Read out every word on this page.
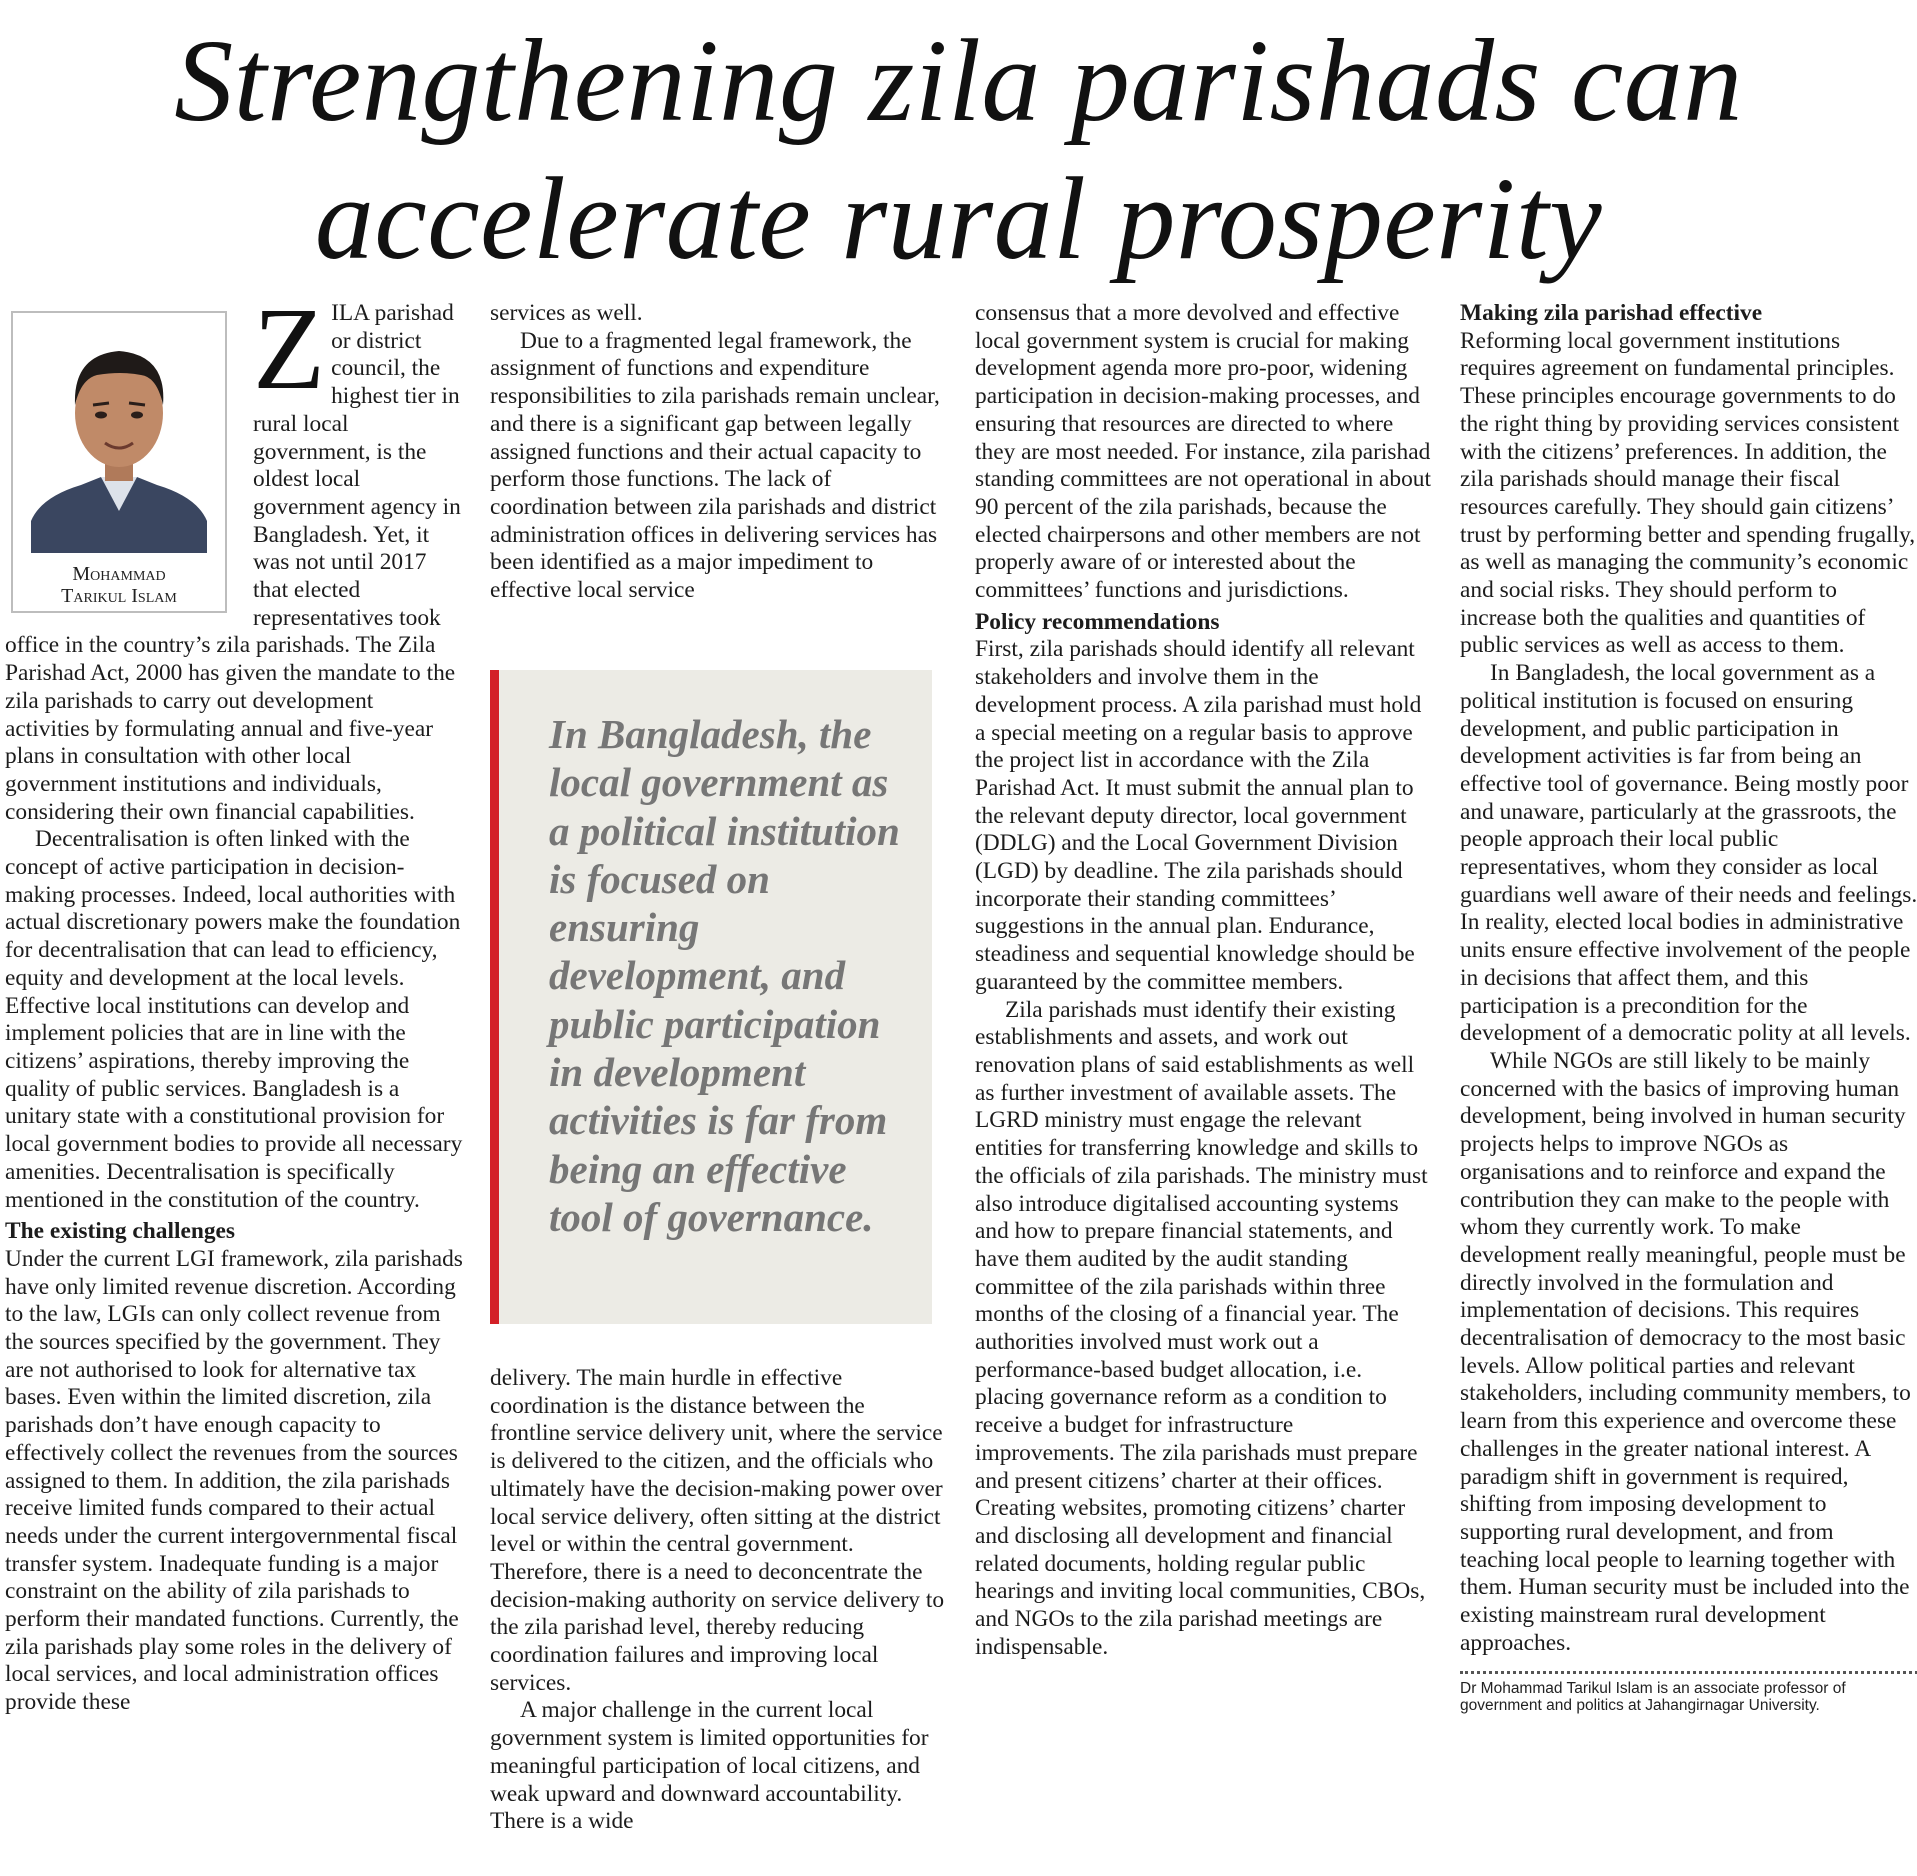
Strengthening zila parishads can
accelerate rural prosperity
Mohammad
Tarikul Islam

ZILA parishad or district council, the highest tier in rural local government, is the oldest local government agency in Bangladesh. Yet, it was not until 2017 that elected representatives took office in the country’s zila parishads. The Zila Parishad Act, 2000 has given the mandate to the zila parishads to carry out development activities by formulating annual and five-year plans in consultation with other local government institutions and individuals, considering their own financial capabilities.

Decentralisation is often linked with the concept of active participation in decision-making processes. Indeed, local authorities with actual discretionary powers make the foundation for decentralisation that can lead to efficiency, equity and development at the local levels. Effective local institutions can develop and implement policies that are in line with the citizens’ aspirations, thereby improving the quality of public services. Bangladesh is a unitary state with a constitutional provision for local government bodies to provide all necessary amenities. Decentralisation is specifically mentioned in the constitution of the country.

The existing challenges

Under the current LGI framework, zila parishads have only limited revenue discretion. According to the law, LGIs can only collect revenue from the sources specified by the government. They are not authorised to look for alternative tax bases. Even within the limited discretion, zila parishads don’t have enough capacity to effectively collect the revenues from the sources assigned to them. In addition, the zila parishads receive limited funds compared to their actual needs under the current intergovernmental fiscal transfer system. Inadequate funding is a major constraint on the ability of zila parishads to perform their mandated functions. Currently, the zila parishads play some roles in the delivery of local services, and local administration offices provide these

services as well.

Due to a fragmented legal framework, the assignment of functions and expenditure responsibilities to zila parishads remain unclear, and there is a significant gap between legally assigned functions and their actual capacity to perform those functions. The lack of coordination between zila parishads and district administration offices in delivering services has been identified as a major impediment to effective local service

In Bangladesh, the local government as a political institution is focused on ensuring development, and public participation in development activities is far from being an effective tool of governance.

delivery. The main hurdle in effective coordination is the distance between the frontline service delivery unit, where the service is delivered to the citizen, and the officials who ultimately have the decision-making power over local service delivery, often sitting at the district level or within the central government. Therefore, there is a need to deconcentrate the decision-making authority on service delivery to the zila parishad level, thereby reducing coordination failures and improving local services.

A major challenge in the current local government system is limited opportunities for meaningful participation of local citizens, and weak upward and downward accountability. There is a wide

consensus that a more devolved and effective local government system is crucial for making development agenda more pro-poor, widening participation in decision-making processes, and ensuring that resources are directed to where they are most needed. For instance, zila parishad standing committees are not operational in about 90 percent of the zila parishads, because the elected chairpersons and other members are not properly aware of or interested about the committees’ functions and jurisdictions.

Policy recommendations

First, zila parishads should identify all relevant stakeholders and involve them in the development process. A zila parishad must hold a special meeting on a regular basis to approve the project list in accordance with the Zila Parishad Act. It must submit the annual plan to the relevant deputy director, local government (DDLG) and the Local Government Division (LGD) by deadline. The zila parishads should incorporate their standing committees’ suggestions in the annual plan. Endurance, steadiness and sequential knowledge should be guaranteed by the committee members.

Zila parishads must identify their existing establishments and assets, and work out renovation plans of said establishments as well as further investment of available assets. The LGRD ministry must engage the relevant entities for transferring knowledge and skills to the officials of zila parishads. The ministry must also introduce digitalised accounting systems and how to prepare financial statements, and have them audited by the audit standing committee of the zila parishads within three months of the closing of a financial year. The authorities involved must work out a performance-based budget allocation, i.e. placing governance reform as a condition to receive a budget for infrastructure improvements. The zila parishads must prepare and present citizens’ charter at their offices. Creating websites, promoting citizens’ charter and disclosing all development and financial related documents, holding regular public hearings and inviting local communities, CBOs, and NGOs to the zila parishad meetings are indispensable.

Making zila parishad effective

Reforming local government institutions requires agreement on fundamental principles. These principles encourage governments to do the right thing by providing services consistent with the citizens’ preferences. In addition, the zila parishads should manage their fiscal resources carefully. They should gain citizens’ trust by performing better and spending frugally, as well as managing the community’s economic and social risks. They should perform to increase both the qualities and quantities of public services as well as access to them.

In Bangladesh, the local government as a political institution is focused on ensuring development, and public participation in development activities is far from being an effective tool of governance. Being mostly poor and unaware, particularly at the grassroots, the people approach their local public representatives, whom they consider as local guardians well aware of their needs and feelings. In reality, elected local bodies in administrative units ensure effective involvement of the people in decisions that affect them, and this participation is a precondition for the development of a democratic polity at all levels.

While NGOs are still likely to be mainly concerned with the basics of improving human development, being involved in human security projects helps to improve NGOs as organisations and to reinforce and expand the contribution they can make to the people with whom they currently work. To make development really meaningful, people must be directly involved in the formulation and implementation of decisions. This requires decentralisation of democracy to the most basic levels. Allow political parties and relevant stakeholders, including community members, to learn from this experience and overcome these challenges in the greater national interest. A paradigm shift in government is required, shifting from imposing development to supporting rural development, and from teaching local people to learning together with them. Human security must be included into the existing mainstream rural development approaches.

Dr Mohammad Tarikul Islam is an associate professor of government and politics at Jahangirnagar University.
